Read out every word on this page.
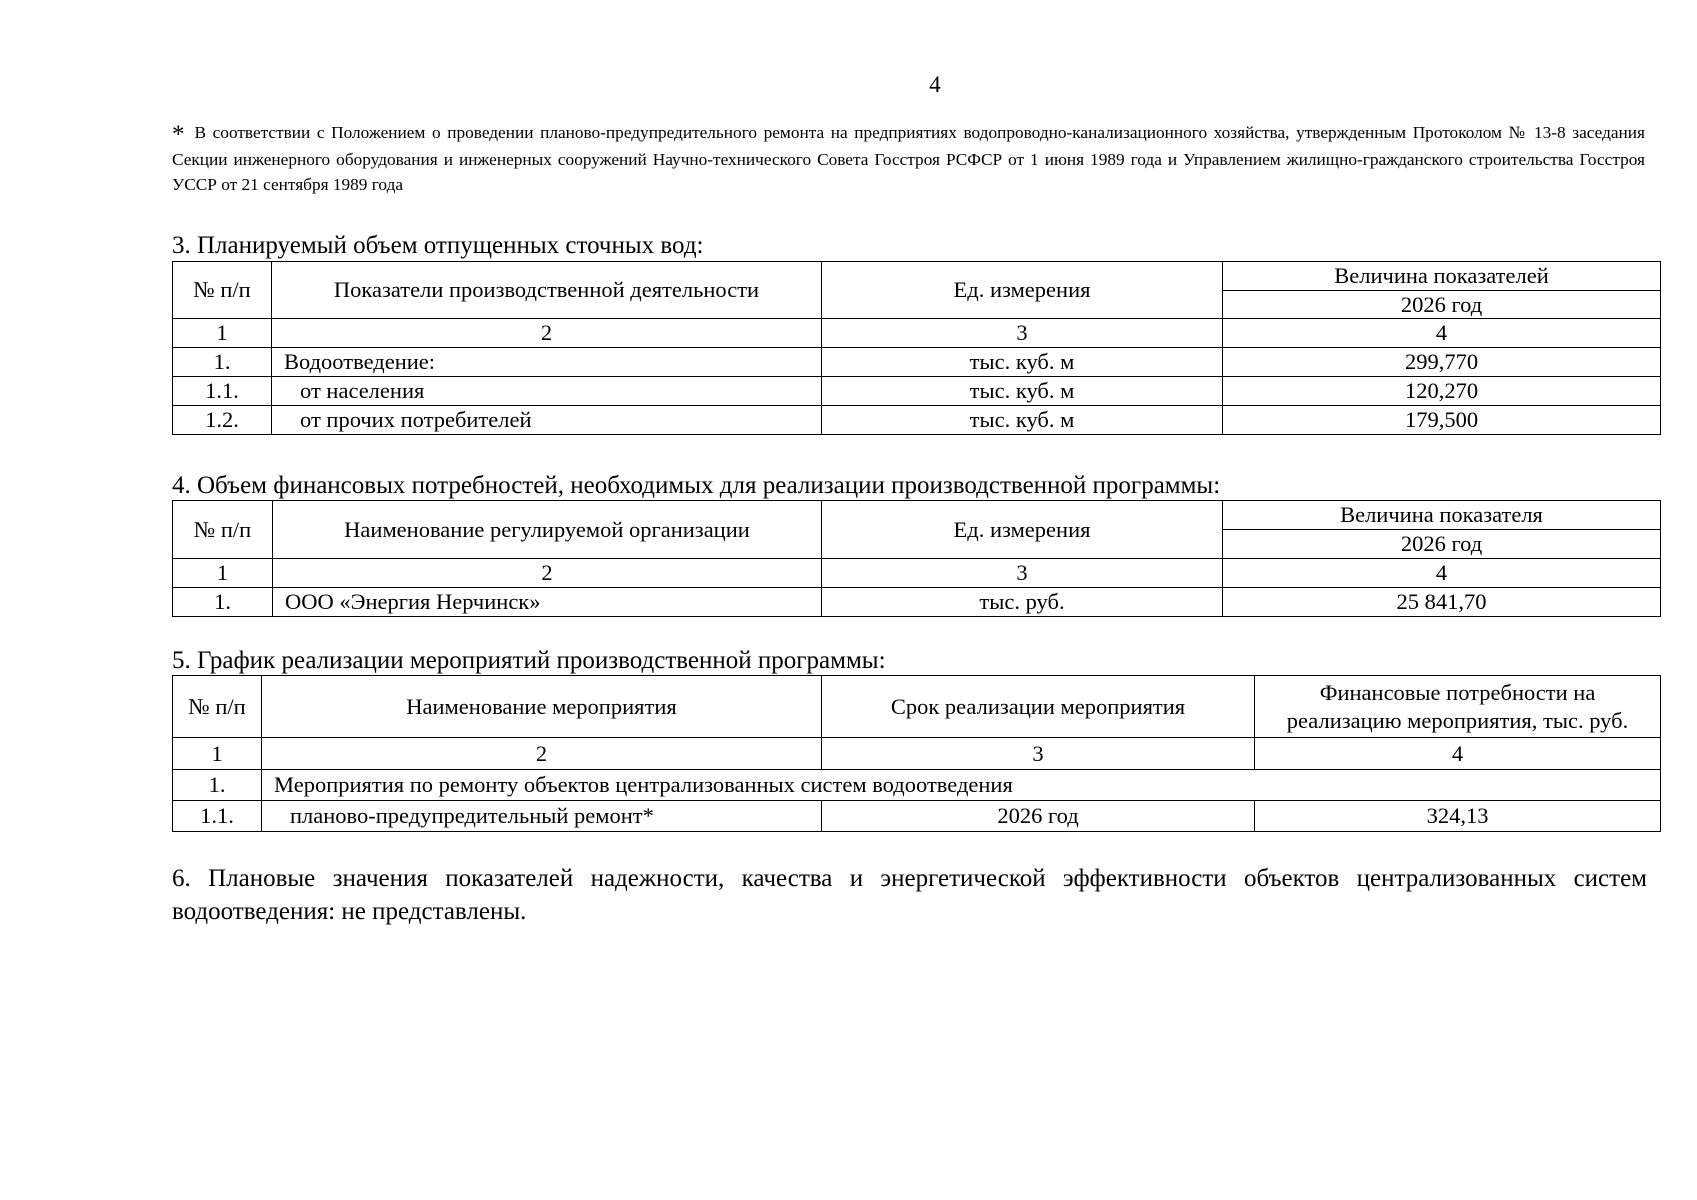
4
* В соответствии с Положением о проведении планово-предупредительного ремонта на предприятиях водопроводно-канализационного хозяйства, утвержденным Протоколом № 13-8 заседания Секции инженерного оборудования и инженерных сооружений Научно-технического Совета Госстроя РСФСР от 1 июня 1989 года и Управлением жилищно-гражданского строительства Госстроя УССР от 21 сентября 1989 года
3. Планируемый объем отпущенных сточных вод:
№ п/п	Показатели производственной деятельности	Ед. измерения	Величина показателей
			2026 год
1	2	3	4
1.	Водоотведение:	тыс. куб. м	299,770
1.1.	от населения	тыс. куб. м	120,270
1.2.	от прочих потребителей	тыс. куб. м	179,500
4. Объем финансовых потребностей, необходимых для реализации производственной программы:
№ п/п	Наименование регулируемой организации	Ед. измерения	Величина показателя
			2026 год
1	2	3	4
1.	ООО «Энергия Нерчинск»	тыс. руб.	25 841,70
5. График реализации мероприятий производственной программы:
№ п/п	Наименование мероприятия	Срок реализации мероприятия	Финансовые потребности на реализацию мероприятия, тыс. руб.
1	2	3	4
1.	Мероприятия по ремонту объектов централизованных систем водоотведения		
1.1.	планово-предупредительный ремонт*	2026 год	324,13
6. Плановые значения показателей надежности, качества и энергетической эффективности объектов централизованных систем водоотведения: не представлены.
